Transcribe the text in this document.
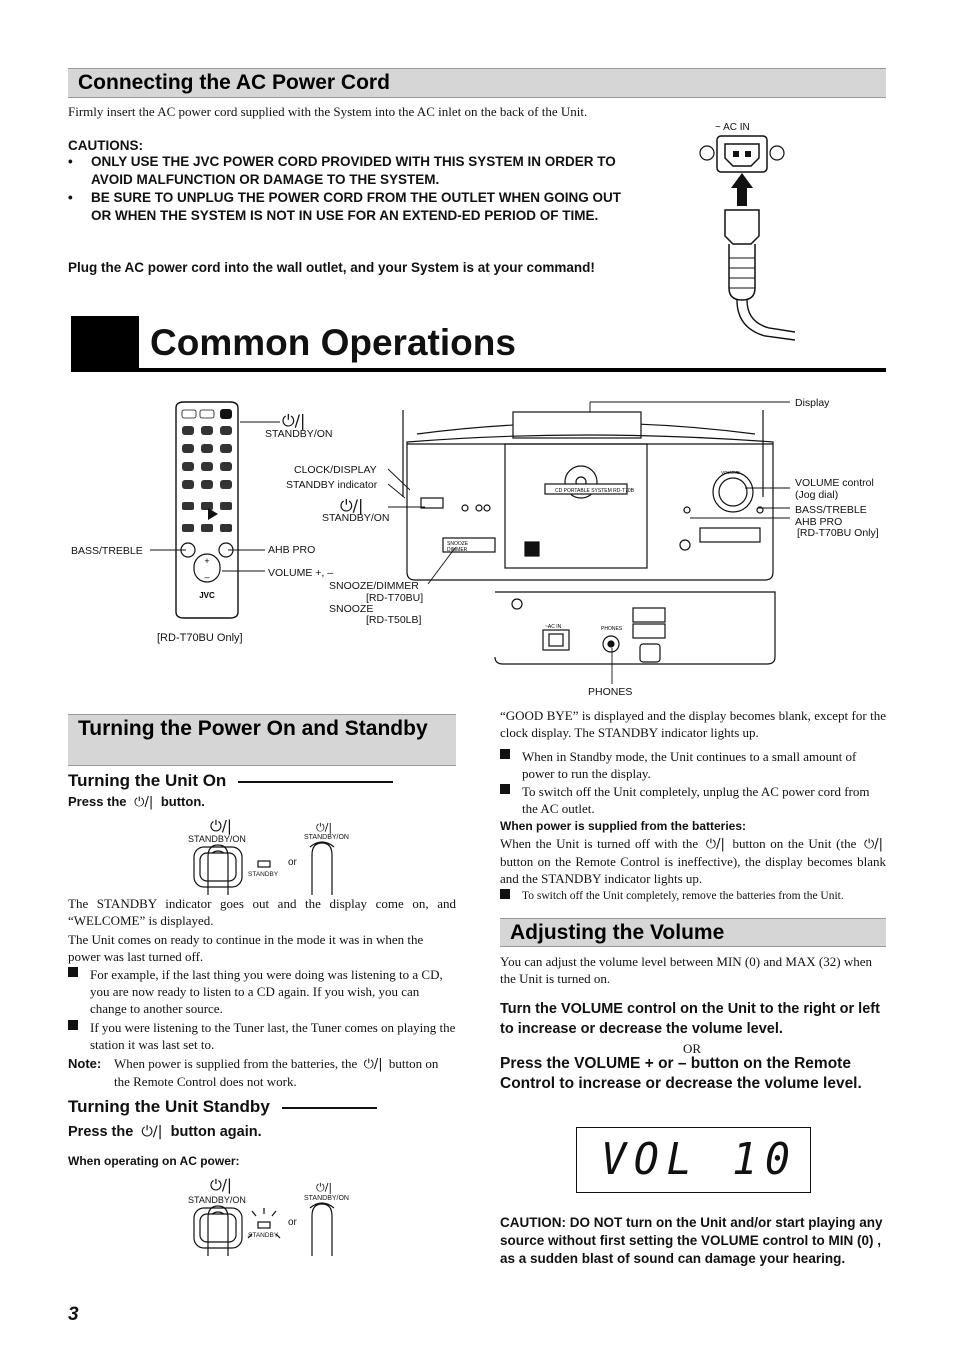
Connecting the AC Power Cord
Firmly insert the AC power cord supplied with the System into the AC inlet on the back of the Unit.
CAUTIONS:
• ONLY USE THE JVC POWER CORD PROVIDED WITH THIS SYSTEM IN ORDER TO AVOID MALFUNCTION OR DAMAGE TO THE SYSTEM.
• BE SURE TO UNPLUG THE POWER CORD FROM THE OUTLET WHEN GOING OUT OR WHEN THE SYSTEM IS NOT IN USE FOR AN EXTEND-ED PERIOD OF TIME.
Plug the AC power cord into the wall outlet, and your System is at your command!
~ AC IN
Common Operations
+
–
JVC
⏻/|
STANDBY/ON
CLOCK/DISPLAY
STANDBY indicator
⏻/|
STANDBY/ON
BASS/TREBLE	AHB PRO
VOLUME +, –
SNOOZE/DIMMER
[RD-T70BU]
SNOOZE
[RD-T50LB]
[RD-T70BU Only]
CD PORTABLE SYSTEM RD-T70B
SNOOZE
DIMMER
VOLUME
~AC IN	PHONES
Display
VOLUME control
(Jog dial)
BASS/TREBLE
AHB PRO
[RD-T70BU Only]
PHONES
Turning the Power On and Standby
Turning the Unit On
Press the ⏻/| button.
⏻/|
STANDBY/ON	STANDBY/ON
⏻/|
or
STANDBY
The STANDBY indicator goes out and the display come on, and “WELCOME” is displayed.
The Unit comes on ready to continue in the mode it was in when the power was last turned off.
For example, if the last thing you were doing was listening to a CD, you are now ready to listen to a CD again. If you wish, you can change to another source.
If you were listening to the Tuner last, the Tuner comes on playing the station it was last set to.
Note: When power is supplied from the batteries, the ⏻/| button on the Remote Control does not work.
Turning the Unit Standby
Press the ⏻/| button again.
When operating on AC power:
⏻/|
STANDBY/ON	STANDBY/ON
⏻/|
or
STANDBY
“GOOD BYE” is displayed and the display becomes blank, except for the clock display. The STANDBY indicator lights up.
When in Standby mode, the Unit continues to a small amount of power to run the display.
To switch off the Unit completely, unplug the AC power cord from the AC outlet.
When power is supplied from the batteries:
When the Unit is turned off with the ⏻/| button on the Unit (the ⏻/| button on the Remote Control is ineffective), the display becomes blank and the STANDBY indicator lights up.
To switch off the Unit completely, remove the batteries from the Unit.
Adjusting the Volume
You can adjust the volume level between MIN (0) and MAX (32) when the Unit is turned on.
Turn the VOLUME control on the Unit to the right or left to increase or decrease the volume level.
OR
Press the VOLUME + or – button on the Remote Control to increase or decrease the volume level.
VOL 10
CAUTION: DO NOT turn on the Unit and/or start playing any source without first setting the VOLUME control to MIN (0) , as a sudden blast of sound can damage your hearing.
3
